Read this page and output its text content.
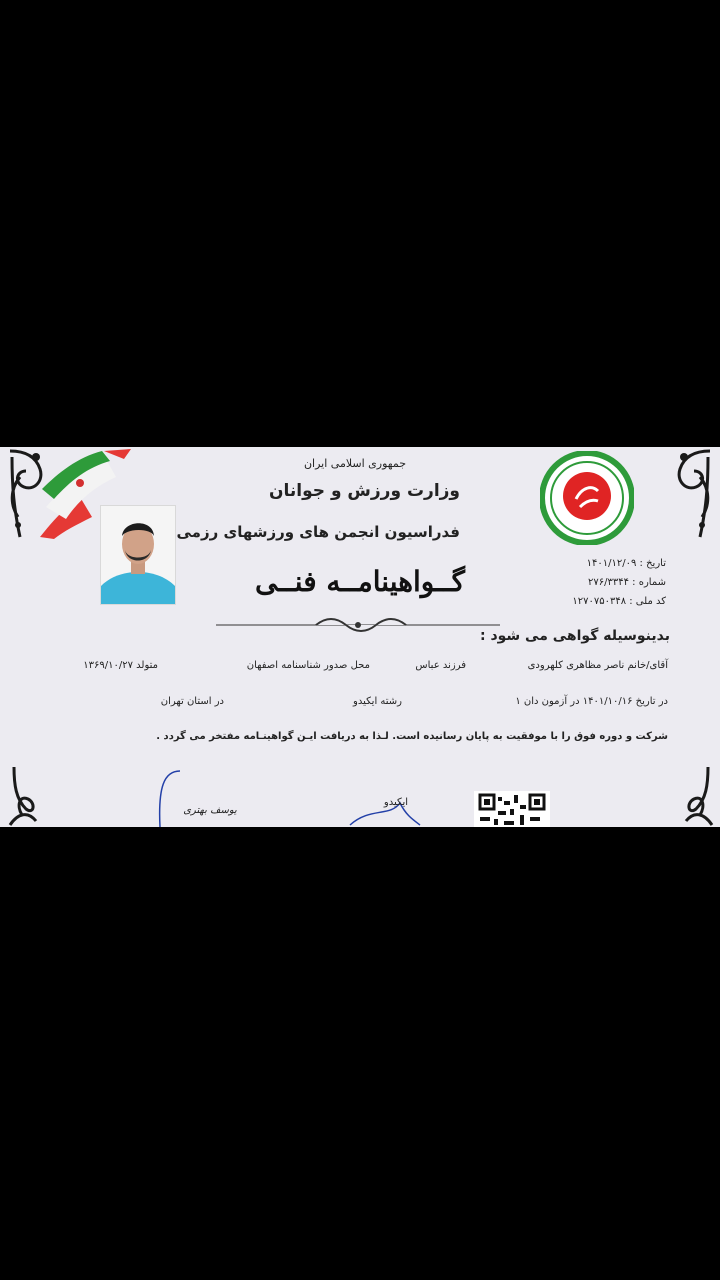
جمهوری اسلامی ایران
وزارت ورزش و جوانان
فدراسیون انجمن های ورزشهای رزمی
گــواهینامــه فنــی
تاریخ : ۱۴۰۱/۱۲/۰۹
شماره : ۲۷۶/۳۳۴۴
کد ملی : ۱۲۷۰۷۵۰۳۴۸
بدینوسیله گواهی می شود :
آقای/خانم ناصر مظاهری کلهرودی
فرزند عباس
محل صدور شناسنامه اصفهان
متولد ۱۳۶۹/۱۰/۲۷
در تاریخ ۱۴۰۱/۱۰/۱۶ در آزمون دان ۱
رشته ایکیدو
در استان تهران
شرکت و دوره فوق را با موفقیت به پایان رسانیده است. لـذا به دریافت ایـن گواهینـامه مفتخر می گردد .
یوسف بهتری
ایکیدو
